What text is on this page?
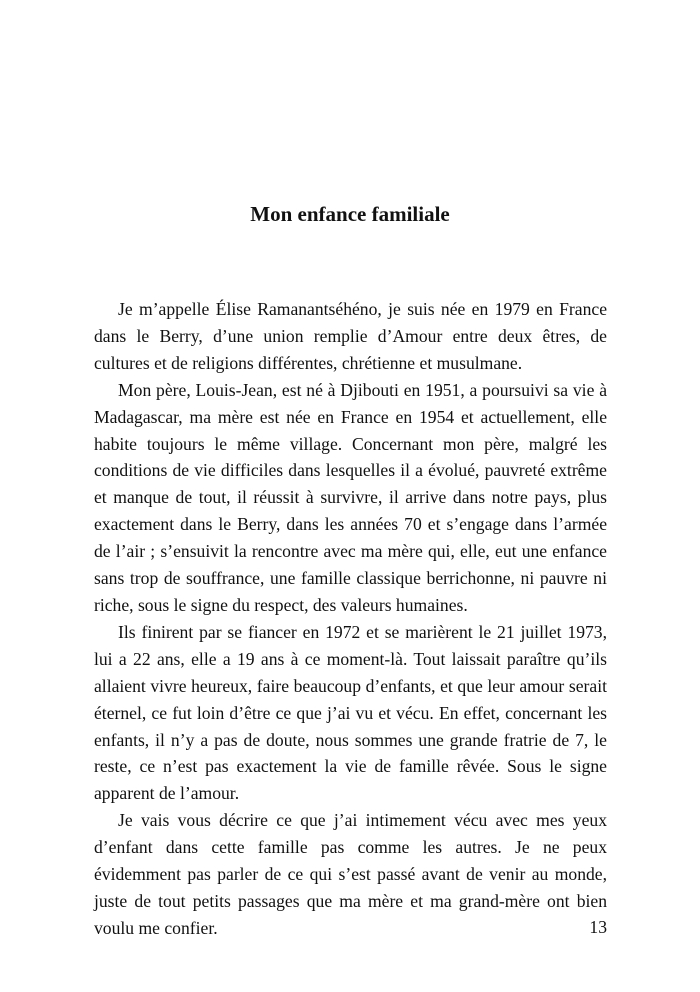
Mon enfance familiale

Je m’appelle Élise Ramanantséhéno, je suis née en 1979 en France dans le Berry, d’une union remplie d’Amour entre deux êtres, de cultures et de religions différentes, chrétienne et musulmane.

Mon père, Louis-Jean, est né à Djibouti en 1951, a poursuivi sa vie à Madagascar, ma mère est née en France en 1954 et actuellement, elle habite toujours le même village. Concernant mon père, malgré les conditions de vie difficiles dans lesquelles il a évolué, pauvreté extrême et manque de tout, il réussit à survivre, il arrive dans notre pays, plus exactement dans le Berry, dans les années 70 et s’engage dans l’armée de l’air ; s’ensuivit la rencontre avec ma mère qui, elle, eut une enfance sans trop de souffrance, une famille classique berrichonne, ni pauvre ni riche, sous le signe du respect, des valeurs humaines.

Ils finirent par se fiancer en 1972 et se marièrent le 21 juillet 1973, lui a 22 ans, elle a 19 ans à ce moment-là. Tout laissait paraître qu’ils allaient vivre heureux, faire beaucoup d’enfants, et que leur amour serait éternel, ce fut loin d’être ce que j’ai vu et vécu. En effet, concernant les enfants, il n’y a pas de doute, nous sommes une grande fratrie de 7, le reste, ce n’est pas exactement la vie de famille rêvée. Sous le signe apparent de l’amour.

Je vais vous décrire ce que j’ai intimement vécu avec mes yeux d’enfant dans cette famille pas comme les autres. Je ne peux évidemment pas parler de ce qui s’est passé avant de venir au monde, juste de tout petits passages que ma mère et ma grand-mère ont bien voulu me confier.	13
